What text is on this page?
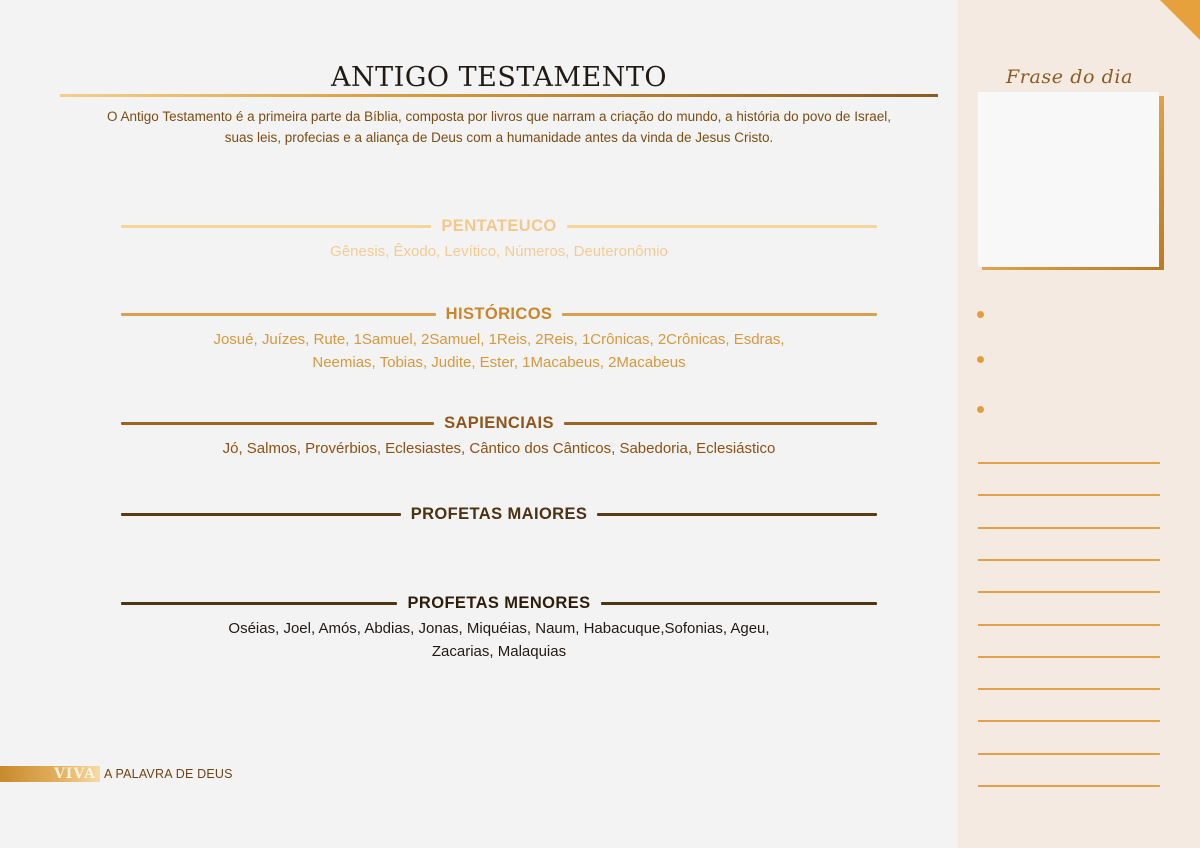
ANTIGO TESTAMENTO
O Antigo Testamento é a primeira parte da Bíblia, composta por livros que narram a criação do mundo, a história do povo de Israel,
suas leis, profecias e a aliança de Deus com a humanidade antes da vinda de Jesus Cristo.
PENTATEUCO
Gênesis, Êxodo, Levítico, Números, Deuteronômio
HISTÓRICOS
Josué, Juízes, Rute, 1Samuel, 2Samuel, 1Reis, 2Reis, 1Crônicas, 2Crônicas, Esdras,
Neemias, Tobias, Judite, Ester, 1Macabeus, 2Macabeus
SAPIENCIAIS
Jó, Salmos, Provérbios, Eclesiastes, Cântico dos Cânticos, Sabedoria, Eclesiástico
PROFETAS MAIORES
PROFETAS MENORES
Oséias, Joel, Amós, Abdias, Jonas, Miquéias, Naum, Habacuque,Sofonias, Ageu,
Zacarias, Malaquias
VIVA A PALAVRA DE DEUS
Frase do dia
